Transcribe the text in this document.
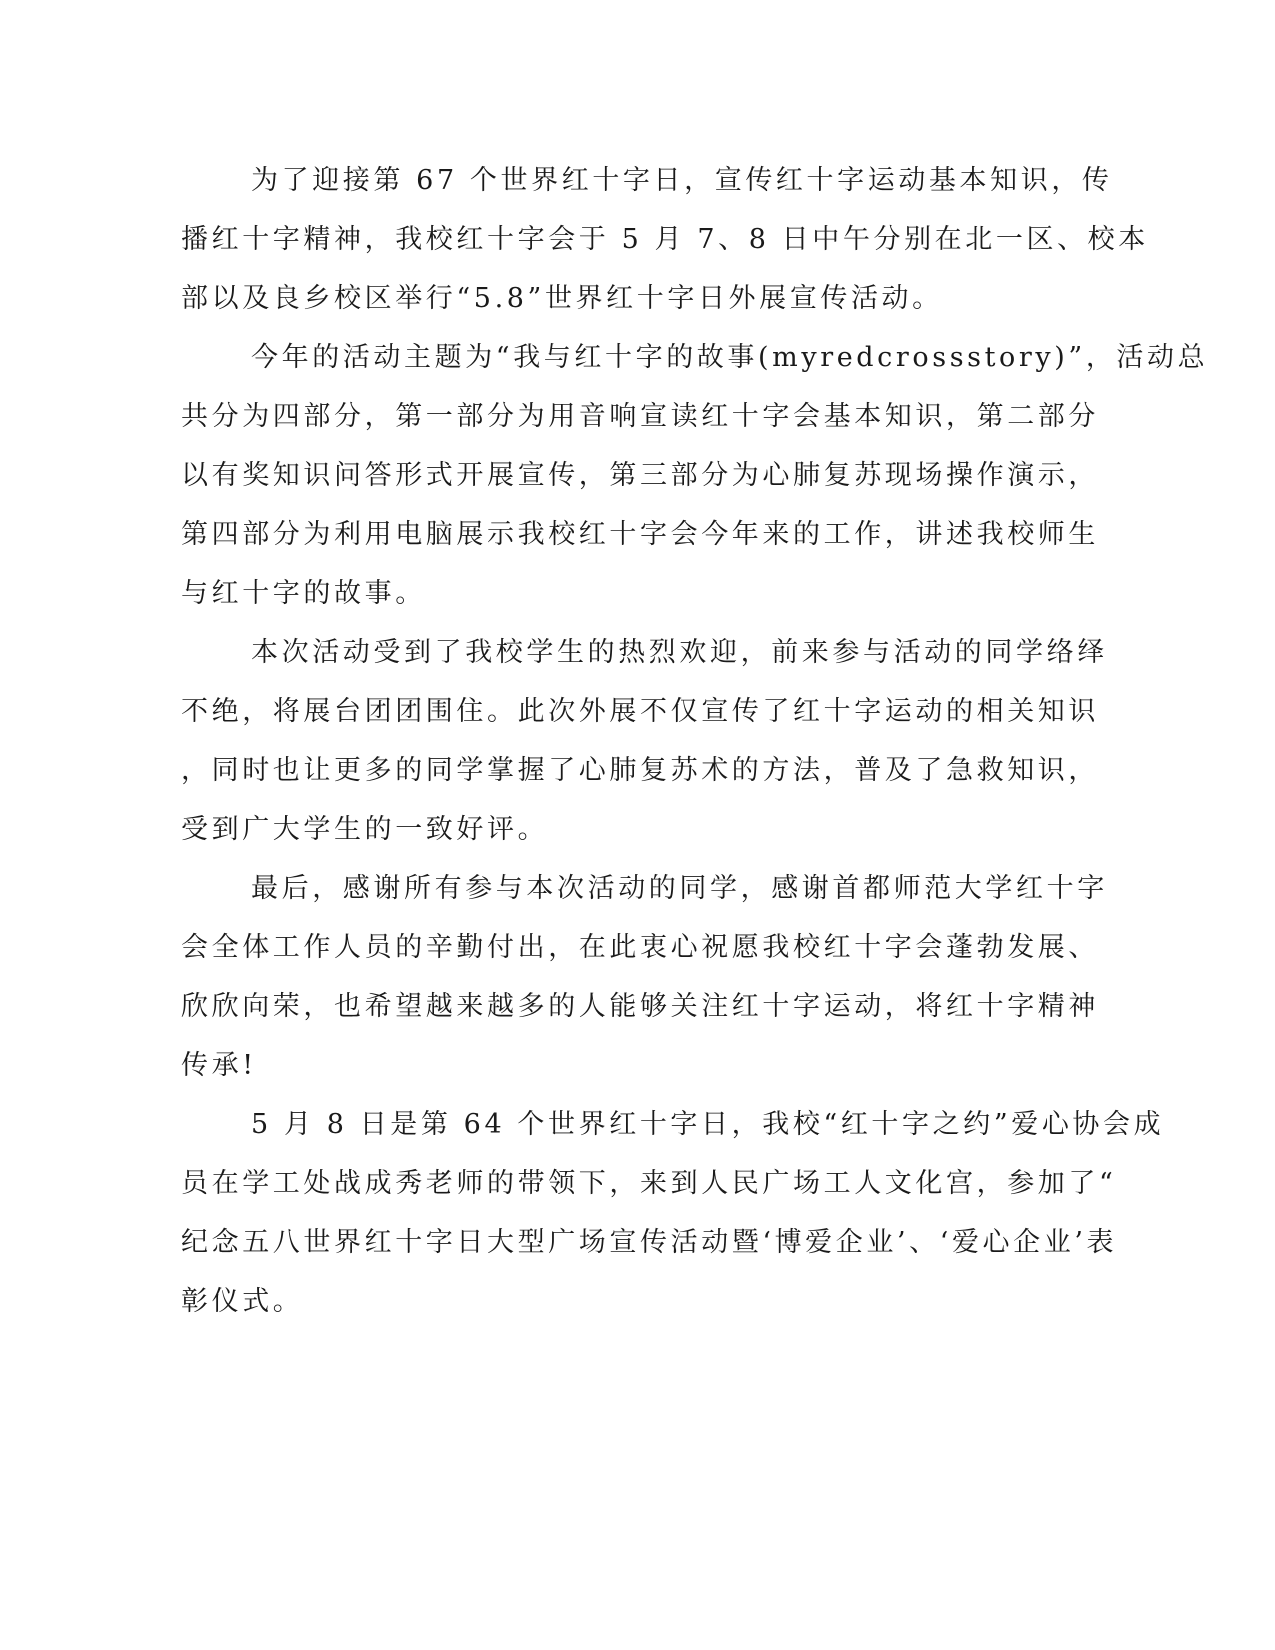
为了迎接第 67 个世界红十字日，宣传红十字运动基本知识，传
播红十字精神，我校红十字会于 5 月 7、8 日中午分别在北一区、校本
部以及良乡校区举行“5.8”世界红十字日外展宣传活动。
今年的活动主题为“我与红十字的故事(myredcrossstory)”，活动总
共分为四部分，第一部分为用音响宣读红十字会基本知识，第二部分
以有奖知识问答形式开展宣传，第三部分为心肺复苏现场操作演示，
第四部分为利用电脑展示我校红十字会今年来的工作，讲述我校师生
与红十字的故事。
本次活动受到了我校学生的热烈欢迎，前来参与活动的同学络绎
不绝，将展台团团围住。此次外展不仅宣传了红十字运动的相关知识
，同时也让更多的同学掌握了心肺复苏术的方法，普及了急救知识，
受到广大学生的一致好评。
最后，感谢所有参与本次活动的同学，感谢首都师范大学红十字
会全体工作人员的辛勤付出，在此衷心祝愿我校红十字会蓬勃发展、
欣欣向荣，也希望越来越多的人能够关注红十字运动，将红十字精神
传承!
5 月 8 日是第 64 个世界红十字日，我校“红十字之约”爱心协会成
员在学工处战成秀老师的带领下，来到人民广场工人文化宫，参加了“
纪念五八世界红十字日大型广场宣传活动暨‘博爱企业’、‘爱心企业’表
彰仪式。
